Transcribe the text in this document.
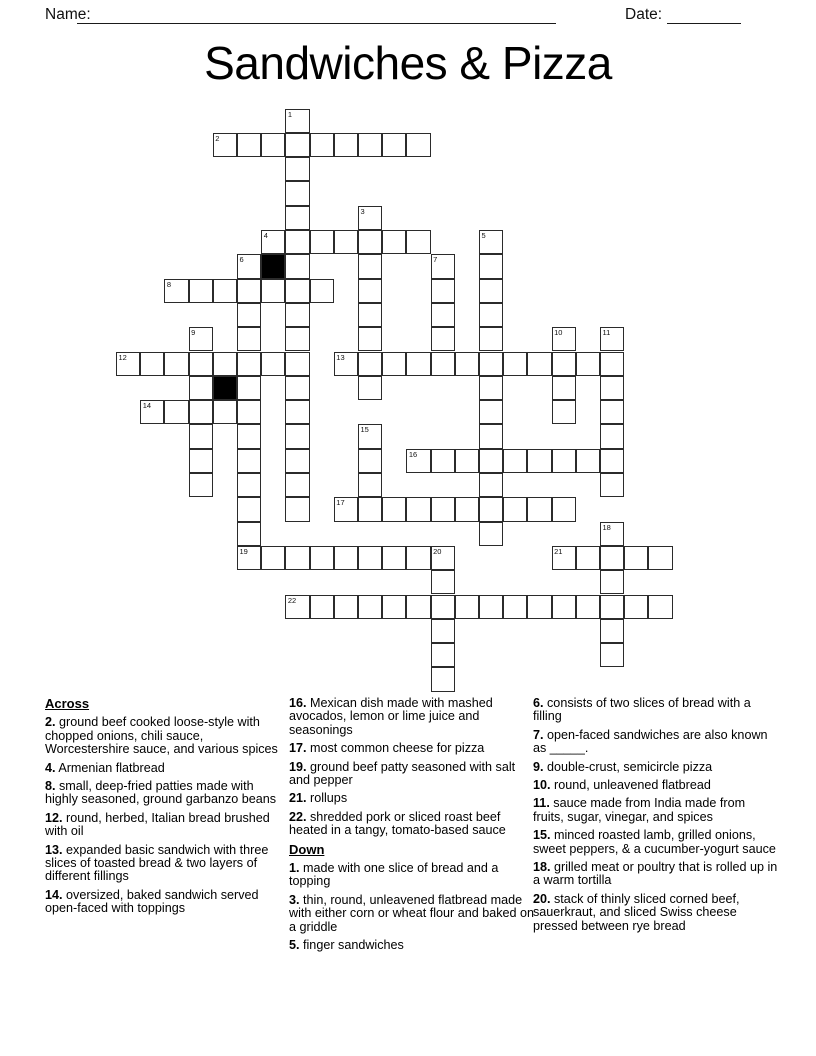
Name:	Date:
Sandwiches & Pizza
1
2
3
4	5
6	7
8
9	10	11
12	13
14
15
16
17
18
19	20	21
22
Across
2. ground beef cooked loose-style with chopped onions, chili sauce, Worcestershire sauce, and various spices
4. Armenian flatbread
8. small, deep-fried patties made with highly seasoned, ground garbanzo beans
12. round, herbed, Italian bread brushed with oil
13. expanded basic sandwich with three slices of toasted bread & two layers of different fillings
14. oversized, baked sandwich served open-faced with toppings
16. Mexican dish made with mashed avocados, lemon or lime juice and seasonings
17. most common cheese for pizza
19. ground beef patty seasoned with salt and pepper
21. rollups
22. shredded pork or sliced roast beef heated in a tangy, tomato-based sauce
Down
1. made with one slice of bread and a topping
3. thin, round, unleavened flatbread made with either corn or wheat flour and baked on a griddle
5. finger sandwiches
6. consists of two slices of bread with a filling
7. open-faced sandwiches are also known as _____.
9. double-crust, semicircle pizza
10. round, unleavened flatbread
11. sauce made from India made from fruits, sugar, vinegar, and spices
15. minced roasted lamb, grilled onions, sweet peppers, & a cucumber-yogurt sauce
18. grilled meat or poultry that is rolled up in a warm tortilla
20. stack of thinly sliced corned beef, sauerkraut, and sliced Swiss cheese pressed between rye bread
